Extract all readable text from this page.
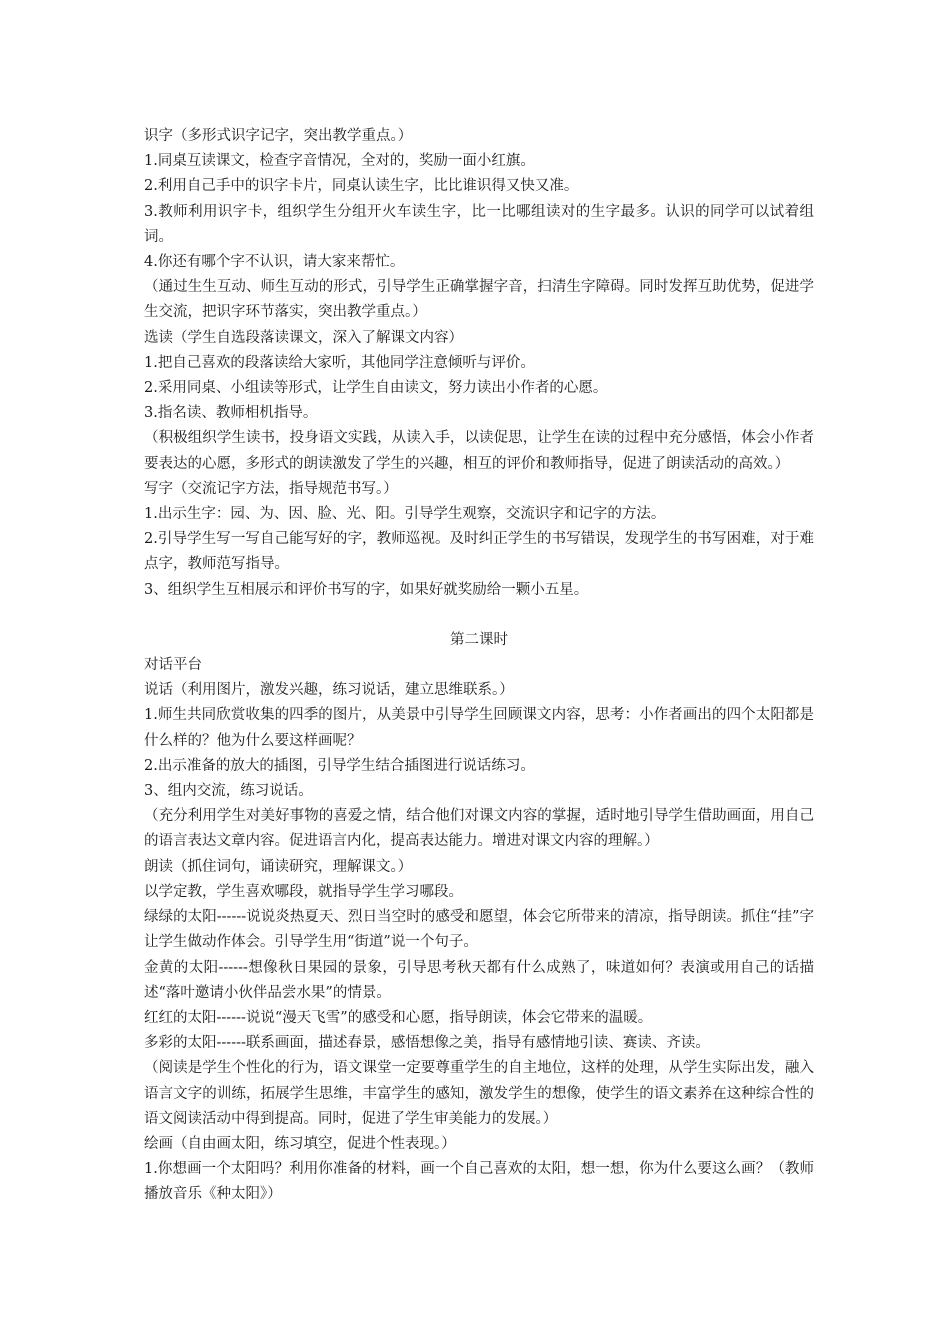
识字（多形式识字记字，突出教学重点。）

1.同桌互读课文，检查字音情况，全对的，奖励一面小红旗。

2.利用自己手中的识字卡片，同桌认读生字，比比谁识得又快又准。

3.教师利用识字卡，组织学生分组开火车读生字，比一比哪组读对的生字最多。认识的同学可以试着组词。

4.你还有哪个字不认识，请大家来帮忙。

（通过生生互动、师生互动的形式，引导学生正确掌握字音，扫清生字障碍。同时发挥互助优势，促进学生交流，把识字环节落实，突出教学重点。）

选读（学生自选段落读课文，深入了解课文内容）

1.把自己喜欢的段落读给大家听，其他同学注意倾听与评价。

2.采用同桌、小组读等形式，让学生自由读文，努力读出小作者的心愿。

3.指名读、教师相机指导。

（积极组织学生读书，投身语文实践，从读入手，以读促思，让学生在读的过程中充分感悟，体会小作者要表达的心愿，多形式的朗读激发了学生的兴趣，相互的评价和教师指导，促进了朗读活动的高效。）

写字（交流记字方法，指导规范书写。）

1.出示生字：园、为、因、脸、光、阳。引导学生观察，交流识字和记字的方法。

2.引导学生写一写自己能写好的字，教师巡视。及时纠正学生的书写错误，发现学生的书写困难，对于难点字，教师范写指导。

3、组织学生互相展示和评价书写的字，如果好就奖励给一颗小五星。

第二课时

对话平台

说话（利用图片，激发兴趣，练习说话，建立思维联系。）

1.师生共同欣赏收集的四季的图片，从美景中引导学生回顾课文内容，思考：小作者画出的四个太阳都是什么样的？他为什么要这样画呢？

2.出示准备的放大的插图，引导学生结合插图进行说话练习。

3、组内交流，练习说话。

（充分利用学生对美好事物的喜爱之情，结合他们对课文内容的掌握，适时地引导学生借助画面，用自己的语言表达文章内容。促进语言内化，提高表达能力。增进对课文内容的理解。）

朗读（抓住词句，诵读研究，理解课文。）

以学定教，学生喜欢哪段，就指导学生学习哪段。

绿绿的太阳------说说炎热夏天、烈日当空时的感受和愿望，体会它所带来的清凉，指导朗读。抓住“挂”字让学生做动作体会。引导学生用“街道”说一个句子。

金黄的太阳------想像秋日果园的景象，引导思考秋天都有什么成熟了，味道如何？表演或用自己的话描述“落叶邀请小伙伴品尝水果”的情景。

红红的太阳------说说“漫天飞雪”的感受和心愿，指导朗读，体会它带来的温暖。

多彩的太阳------联系画面，描述春景，感悟想像之美，指导有感情地引读、赛读、齐读。

（阅读是学生个性化的行为，语文课堂一定要尊重学生的自主地位，这样的处理，从学生实际出发，融入语言文字的训练，拓展学生思维，丰富学生的感知，激发学生的想像，使学生的语文素养在这种综合性的语文阅读活动中得到提高。同时，促进了学生审美能力的发展。）

绘画（自由画太阳，练习填空，促进个性表现。）

1.你想画一个太阳吗？利用你准备的材料，画一个自己喜欢的太阳，想一想，你为什么要这么画？（教师播放音乐《种太阳》）
